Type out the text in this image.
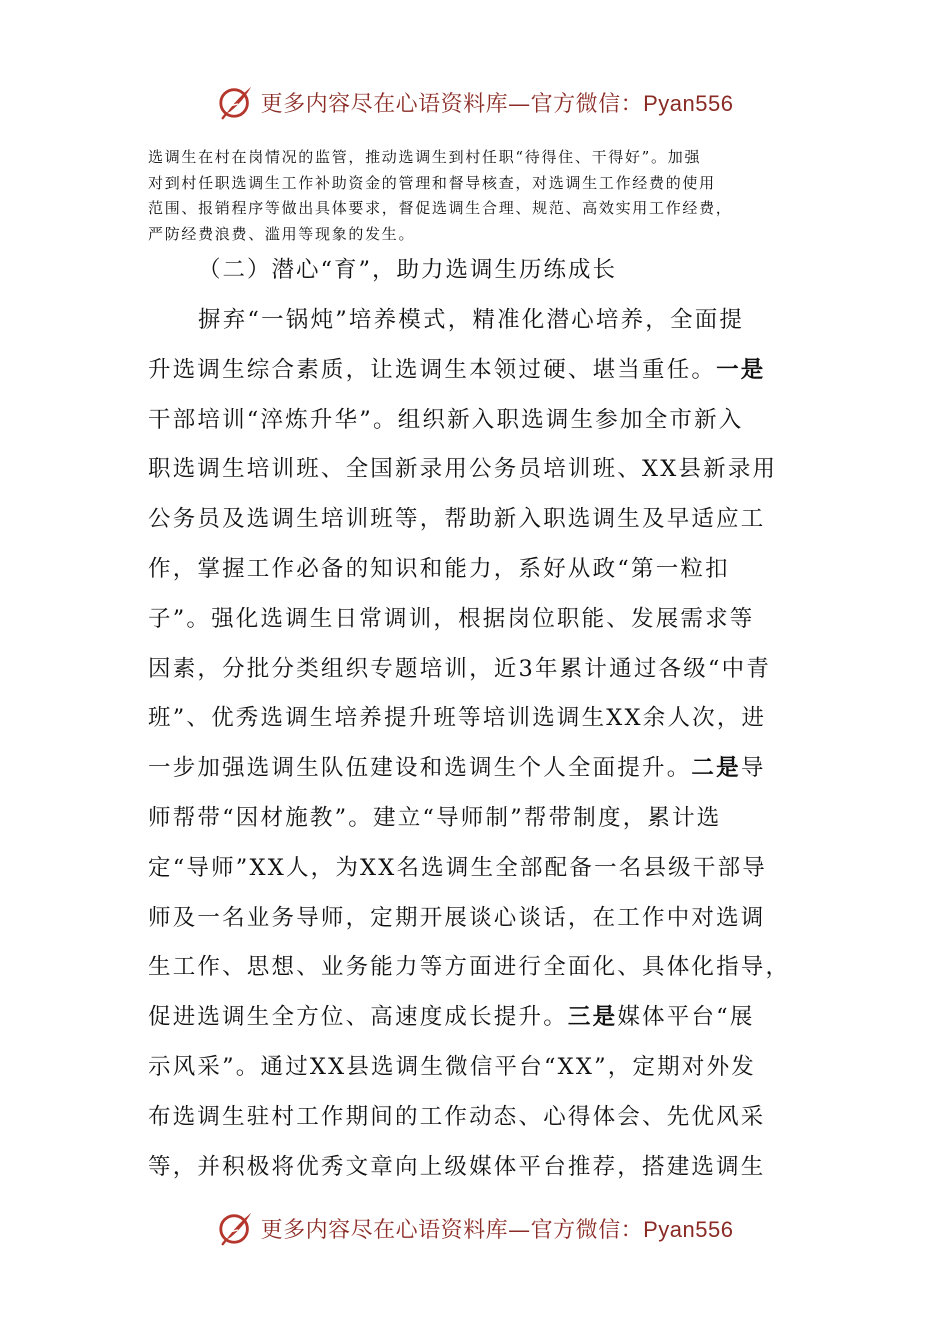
更多内容尽在心语资料库—官方微信：Pyan556
选调生在村在岗情况的监管，推动选调生到村任职“待得住、干得好”。加强
对到村任职选调生工作补助资金的管理和督导核查，对选调生工作经费的使用
范围、报销程序等做出具体要求，督促选调生合理、规范、高效实用工作经费，
严防经费浪费、滥用等现象的发生。
（二）潜心“育”，助力选调生历练成长
摒弃“一锅炖”培养模式，精准化潜心培养，全面提
升选调生综合素质，让选调生本领过硬、堪当重任。一是
干部培训“淬炼升华”。组织新入职选调生参加全市新入
职选调生培训班、全国新录用公务员培训班、XX县新录用
公务员及选调生培训班等，帮助新入职选调生及早适应工
作，掌握工作必备的知识和能力，系好从政“第一粒扣
子”。强化选调生日常调训，根据岗位职能、发展需求等
因素，分批分类组织专题培训，近3年累计通过各级“中青
班”、优秀选调生培养提升班等培训选调生XX余人次，进
一步加强选调生队伍建设和选调生个人全面提升。二是导
师帮带“因材施教”。建立“导师制”帮带制度，累计选
定“导师”XX人，为XX名选调生全部配备一名县级干部导
师及一名业务导师，定期开展谈心谈话，在工作中对选调
生工作、思想、业务能力等方面进行全面化、具体化指导，
促进选调生全方位、高速度成长提升。三是媒体平台“展
示风采”。通过XX县选调生微信平台“XX”，定期对外发
布选调生驻村工作期间的工作动态、心得体会、先优风采
等，并积极将优秀文章向上级媒体平台推荐，搭建选调生
更多内容尽在心语资料库—官方微信：Pyan556
